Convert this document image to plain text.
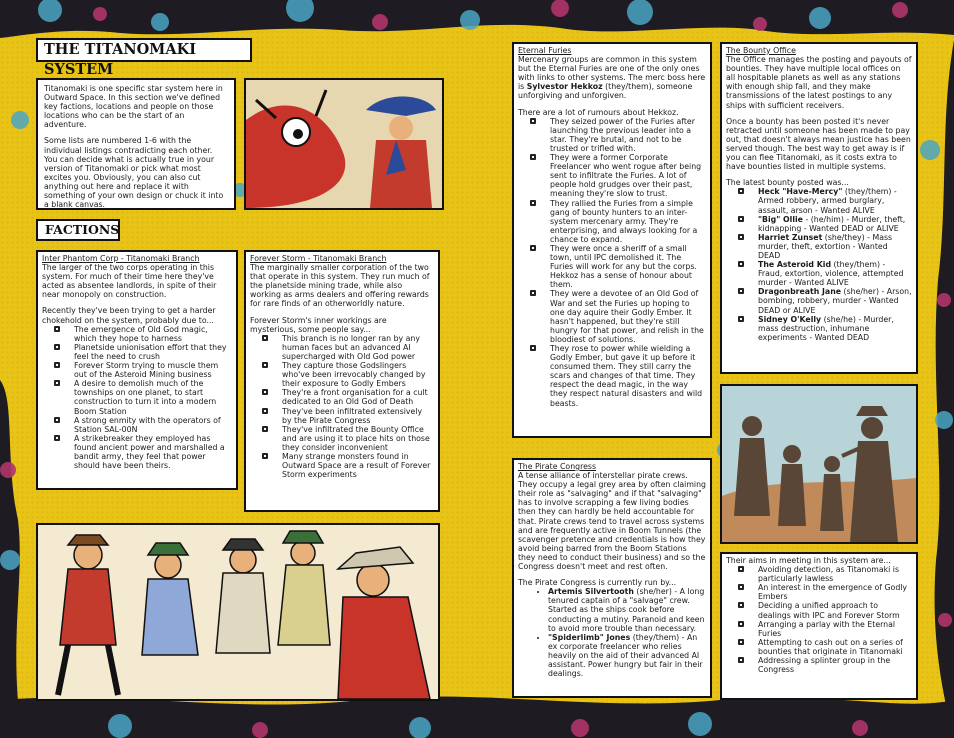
THE TITANOMAKI SYSTEM

Titanomaki is one specific star system here in Outward Space. In this section we've defined key factions, locations and people on those locations who can be the start of an adventure.

Some lists are numbered 1-6 with the individual listings contradicting each other. You can decide what is actually true in your version of Titanomaki or pick what most excites you. Obviously, you can also cut anything out here and replace it with something of your own design or chuck it into a blank canvas.

FACTIONS
Inter Phantom Corp - Titanomaki Branch

The larger of the two corps operating in this system. For much of their time here they've acted as absentee landlords, in spite of their near monopoly on construction.

Recently they've been trying to get a harder chokehold on the system, probably due to...

The emergence of Old God magic, which they hope to harness
Planetside unionisation effort that they feel the need to crush
Forever Storm trying to muscle them out of the Asteroid Mining business
A desire to demolish much of the townships on one planet, to start construction to turn it into a modern Boom Station
A strong enmity with the operators of Station SAL-00N
A strikebreaker they employed has found ancient power and marshalled a bandit army, they feel that power should have been theirs.
Forever Storm - Titanomaki Branch

The marginally smaller corporation of the two that operate in this system. They run much of the planetside mining trade, while also working as arms dealers and offering rewards for rare finds of an otherworldly nature.

Forever Storm's inner workings are mysterious, some people say...

This branch is no longer ran by any human faces but an advanced AI supercharged with Old God power
They capture those Godslingers who've been irrevocably changed by their exposure to Godly Embers
They're a front organisation for a cult dedicated to an Old God of Death
They've been infiltrated extensively by the Pirate Congress
They've infiltrated the Bounty Office and are using it to place hits on those they consider inconvenient
Many strange monsters found in Outward Space are a result of Forever Storm experiments
Eternal Furies

Mercenary groups are common in this system but the Eternal Furies are one of the only ones with links to other systems. The merc boss here is Sylvestor Hekkoz (they/them), someone unforgiving and unforgiven.

There are a lot of rumours about Hekkoz.

They seized power of the Furies after launching the previous leader into a star. They're brutal, and not to be trusted or trifled with.
They were a former Corporate Freelancer who went rogue after being sent to infiltrate the Furies. A lot of people hold grudges over their past, meaning they're slow to trust.
They rallied the Furies from a simple gang of bounty hunters to an inter-system mercenary army. They're enterprising, and always looking for a chance to expand.
They were once a sheriff of a small town, until IPC demolished it. The Furies will work for any but the corps. Hekkoz has a sense of honour about them.
They were a devotee of an Old God of War and set the Furies up hoping to one day aquire their Godly Ember. It hasn't happened, but they're still hungry for that power, and relish in the bloodiest of solutions.
They rose to power while wielding a Godly Ember, but gave it up before it consumed them. They still carry the scars and changes of that time. They respect the dead magic, in the way they respect natural disasters and wild beasts.
The Pirate Congress

A tense alliance of interstellar pirate crews. They occupy a legal grey area by often claiming their role as "salvaging" and if that "salvaging" has to involve scrapping a few living bodies then they can hardly be held accountable for that. Pirate crews tend to travel across systems and are frequently active in Boom Tunnels (the scavenger pretence and credentials is how they avoid being barred from the Boom Stations they need to conduct their business) and so the Congress doesn't meet and rest often.

The Pirate Congress is currently run by...

• Artemis Silvertooth (she/her) - A long tenured captain of a "salvage" crew. Started as the ships cook before conducting a mutiny. Paranoid and keen to avoid more trouble than necessary.
• "Spiderlimb" Jones (they/them) - An ex corporate freelancer who relies heavily on the aid of their advanced AI assistant. Power hungry but fair in their dealings.
The Bounty Office

The Office manages the posting and payouts of bounties. They have multiple local offices on all hospitable planets as well as any stations with enough ship fall, and they make transmissions of the latest postings to any ships with sufficient receivers.

Once a bounty has been posted it's never retracted until someone has been made to pay out, that doesn't always mean justice has been served though. The best way to get away is if you can flee Titanomaki, as it costs extra to have bounties listed in multiple systems.

The latest bounty posted was...

Heck "Have-Mercy" (they/them) - Armed robbery, armed burglary, assault, arson - Wanted ALIVE
"Big" Ollie - (he/him) - Murder, theft, kidnapping - Wanted DEAD or ALIVE
Harriet Zunset (she/they) - Mass murder, theft, extortion - Wanted DEAD
The Asteroid Kid (they/them) - Fraud, extortion, violence, attempted murder - Wanted ALIVE
Dragonbreath Jane (she/her) - Arson, bombing, robbery, murder - Wanted DEAD or ALIVE
Sidney O'Kelly (she/he) - Murder, mass destruction, inhumane experiments - Wanted DEAD

Their aims in meeting in this system are...

Avoiding detection, as Titanomaki is particularly lawless
An interest in the emergence of Godly Embers
Deciding a unified approach to dealings with IPC and Forever Storm
Arranging a parlay with the Eternal Furies
Attempting to cash out on a series of bounties that originate in Titanomaki
Addressing a splinter group in the Congress
